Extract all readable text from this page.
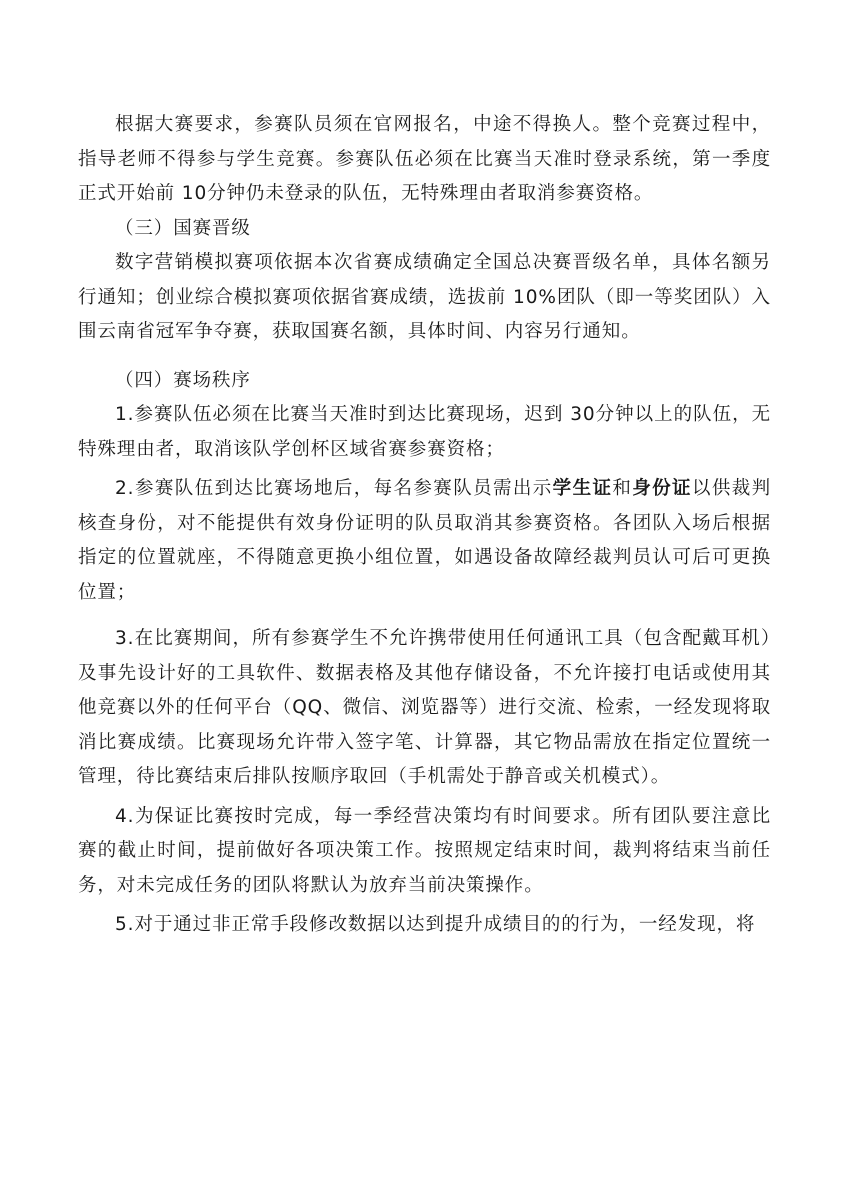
根据大赛要求，参赛队员须在官网报名，中途不得换人。整个竞赛过程中，指导老师不得参与学生竞赛。参赛队伍必须在比赛当天准时登录系统，第一季度正式开始前 10分钟仍未登录的队伍，无特殊理由者取消参赛资格。

（三）国赛晋级

数字营销模拟赛项依据本次省赛成绩确定全国总决赛晋级名单，具体名额另行通知；创业综合模拟赛项依据省赛成绩，选拔前 10%团队（即一等奖团队）入围云南省冠军争夺赛，获取国赛名额，具体时间、内容另行通知。

（四）赛场秩序

1.参赛队伍必须在比赛当天准时到达比赛现场，迟到 30分钟以上的队伍，无特殊理由者，取消该队学创杯区域省赛参赛资格；

2.参赛队伍到达比赛场地后，每名参赛队员需出示学生证和身份证以供裁判核查身份，对不能提供有效身份证明的队员取消其参赛资格。各团队入场后根据指定的位置就座，不得随意更换小组位置，如遇设备故障经裁判员认可后可更换位置；

3.在比赛期间，所有参赛学生不允许携带使用任何通讯工具（包含配戴耳机）及事先设计好的工具软件、数据表格及其他存储设备，不允许接打电话或使用其他竞赛以外的任何平台（QQ、微信、浏览器等）进行交流、检索，一经发现将取消比赛成绩。比赛现场允许带入签字笔、计算器，其它物品需放在指定位置统一管理，待比赛结束后排队按顺序取回（手机需处于静音或关机模式）。

4.为保证比赛按时完成，每一季经营决策均有时间要求。所有团队要注意比赛的截止时间，提前做好各项决策工作。按照规定结束时间，裁判将结束当前任务，对未完成任务的团队将默认为放弃当前决策操作。

5.对于通过非正常手段修改数据以达到提升成绩目的的行为，一经发现，将
